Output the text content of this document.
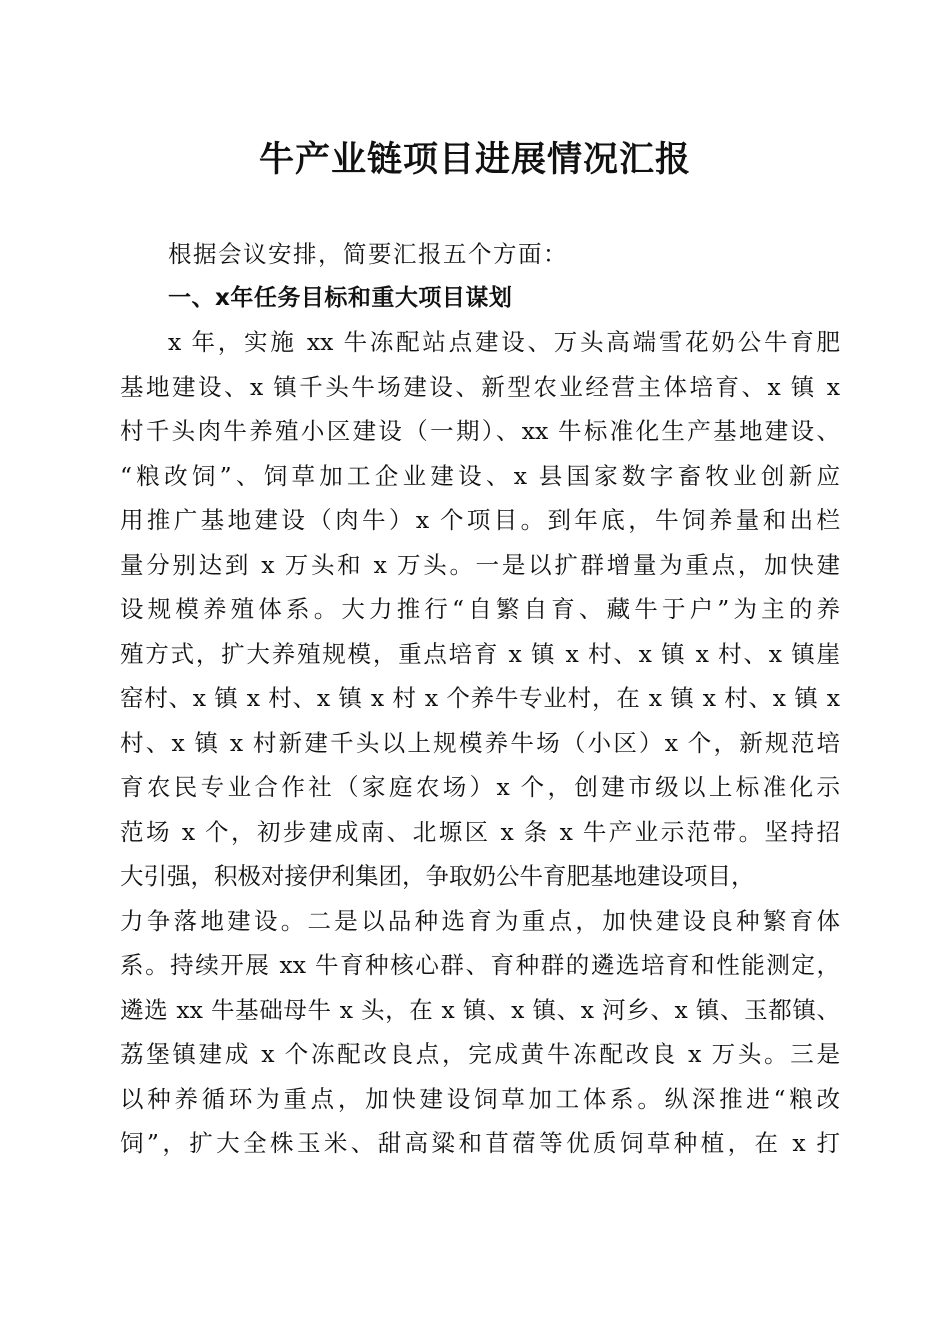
牛产业链项目进展情况汇报
根据会议安排，简要汇报五个方面：
一、x年任务目标和重大项目谋划
x 年，实施 xx 牛冻配站点建设、万头高端雪花奶公牛育肥
基地建设、x 镇千头牛场建设、新型农业经营主体培育、x 镇 x
村千头肉牛养殖小区建设（一期）、xx 牛标准化生产基地建设、
“粮改饲”、饲草加工企业建设、x 县国家数字畜牧业创新应
用推广基地建设（肉牛）x 个项目。到年底，牛饲养量和出栏
量分别达到 x 万头和 x 万头。一是以扩群增量为重点，加快建
设规模养殖体系。大力推行“自繁自育、藏牛于户”为主的养
殖方式，扩大养殖规模，重点培育 x 镇 x 村、x 镇 x 村、x 镇崖
窑村、x 镇 x 村、x 镇 x 村 x 个养牛专业村，在 x 镇 x 村、x 镇 x
村、x 镇 x 村新建千头以上规模养牛场（小区）x 个，新规范培
育农民专业合作社（家庭农场）x 个，创建市级以上标准化示
范场 x 个，初步建成南、北塬区 x 条 x 牛产业示范带。坚持招
大引强，积极对接伊利集团，争取奶公牛育肥基地建设项目，
力争落地建设。二是以品种选育为重点，加快建设良种繁育体
系。持续开展 xx 牛育种核心群、育种群的遴选培育和性能测定，
遴选 xx 牛基础母牛 x 头，在 x 镇、x 镇、x 河乡、x 镇、玉都镇、
荔堡镇建成 x 个冻配改良点，完成黄牛冻配改良 x 万头。三是
以种养循环为重点，加快建设饲草加工体系。纵深推进“粮改
饲”，扩大全株玉米、甜高粱和苜蓿等优质饲草种植，在 x 打
